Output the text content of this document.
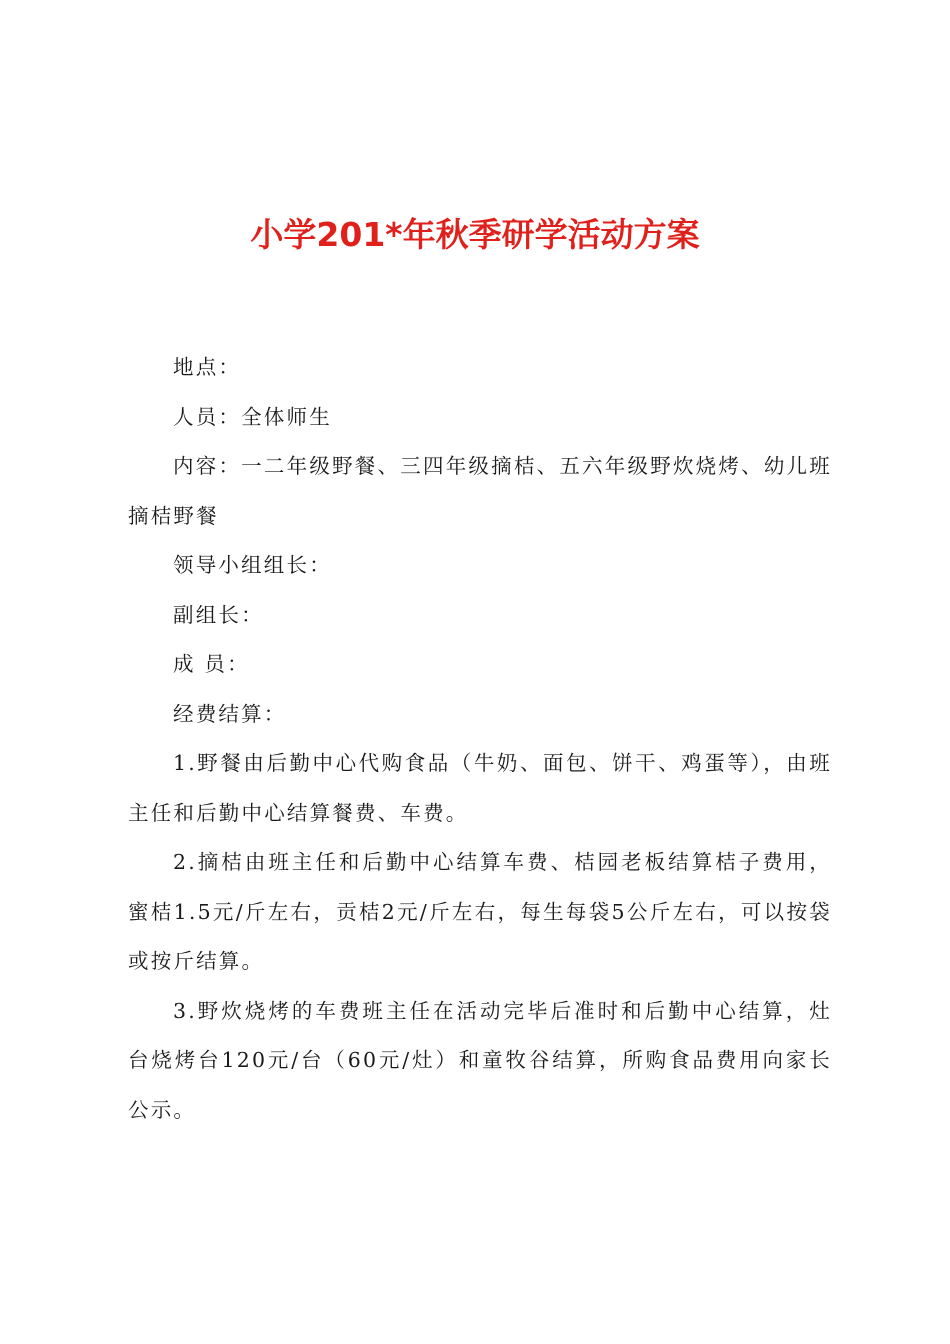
小学201*年秋季研学活动方案

地点：

人员：全体师生

内容：一二年级野餐、三四年级摘桔、五六年级野炊烧烤、幼儿班摘桔野餐

领导小组组长：

副组长：

成 员：

经费结算：

1.野餐由后勤中心代购食品（牛奶、面包、饼干、鸡蛋等），由班主任和后勤中心结算餐费、车费。

2.摘桔由班主任和后勤中心结算车费、桔园老板结算桔子费用，蜜桔1.5元/斤左右，贡桔2元/斤左右，每生每袋5公斤左右，可以按袋或按斤结算。

3.野炊烧烤的车费班主任在活动完毕后准时和后勤中心结算，灶台烧烤台120元/台（60元/灶）和童牧谷结算，所购食品费用向家长公示。
